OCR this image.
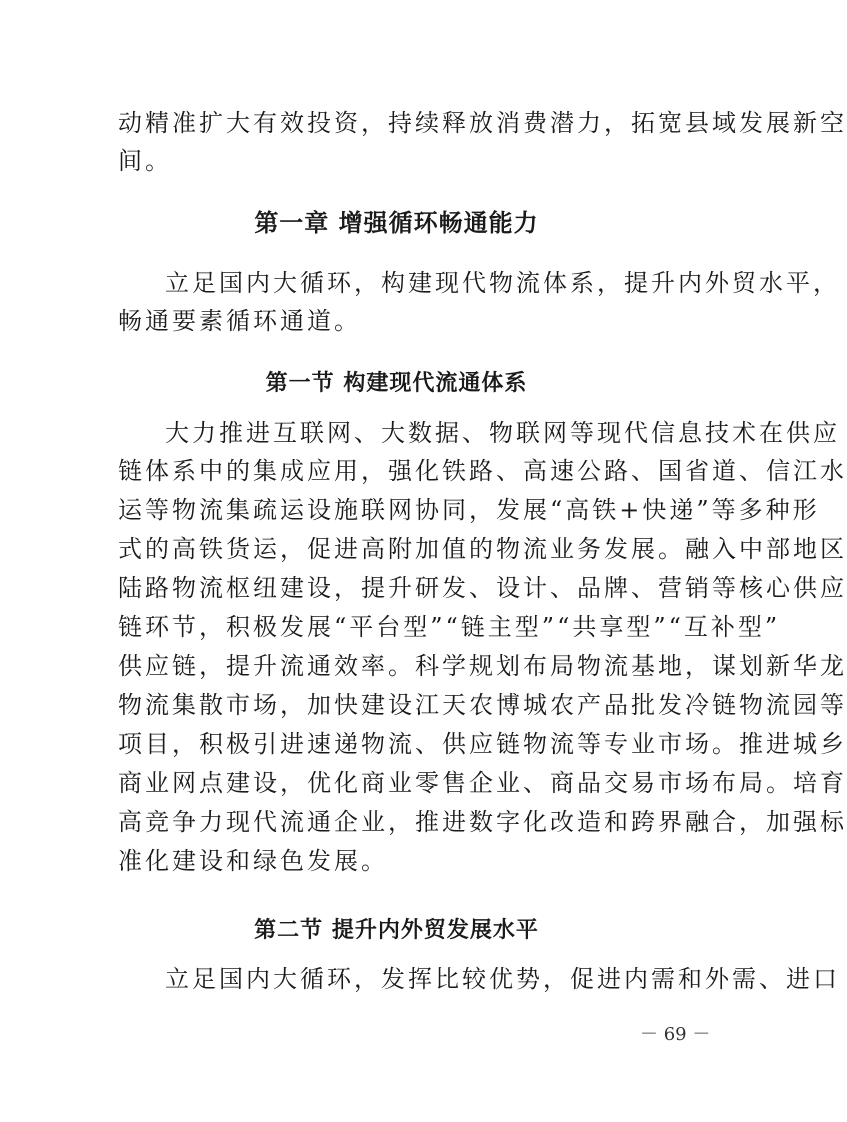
动精准扩大有效投资，持续释放消费潜力，拓宽县域发展新空
间。
第一章 增强循环畅通能力
立足国内大循环，构建现代物流体系，提升内外贸水平，
畅通要素循环通道。
第一节 构建现代流通体系
大力推进互联网、大数据、物联网等现代信息技术在供应
链体系中的集成应用，强化铁路、高速公路、国省道、信江水
运等物流集疏运设施联网协同，发展“高铁+快递”等多种形
式的高铁货运，促进高附加值的物流业务发展。融入中部地区
陆路物流枢纽建设，提升研发、设计、品牌、营销等核心供应
链环节，积极发展“平台型”“链主型”“共享型”“互补型”
供应链，提升流通效率。科学规划布局物流基地，谋划新华龙
物流集散市场，加快建设江天农博城农产品批发冷链物流园等
项目，积极引进速递物流、供应链物流等专业市场。推进城乡
商业网点建设，优化商业零售企业、商品交易市场布局。培育
高竞争力现代流通企业，推进数字化改造和跨界融合，加强标
准化建设和绿色发展。
第二节 提升内外贸发展水平
立足国内大循环，发挥比较优势，促进内需和外需、进口
－ 69 －
